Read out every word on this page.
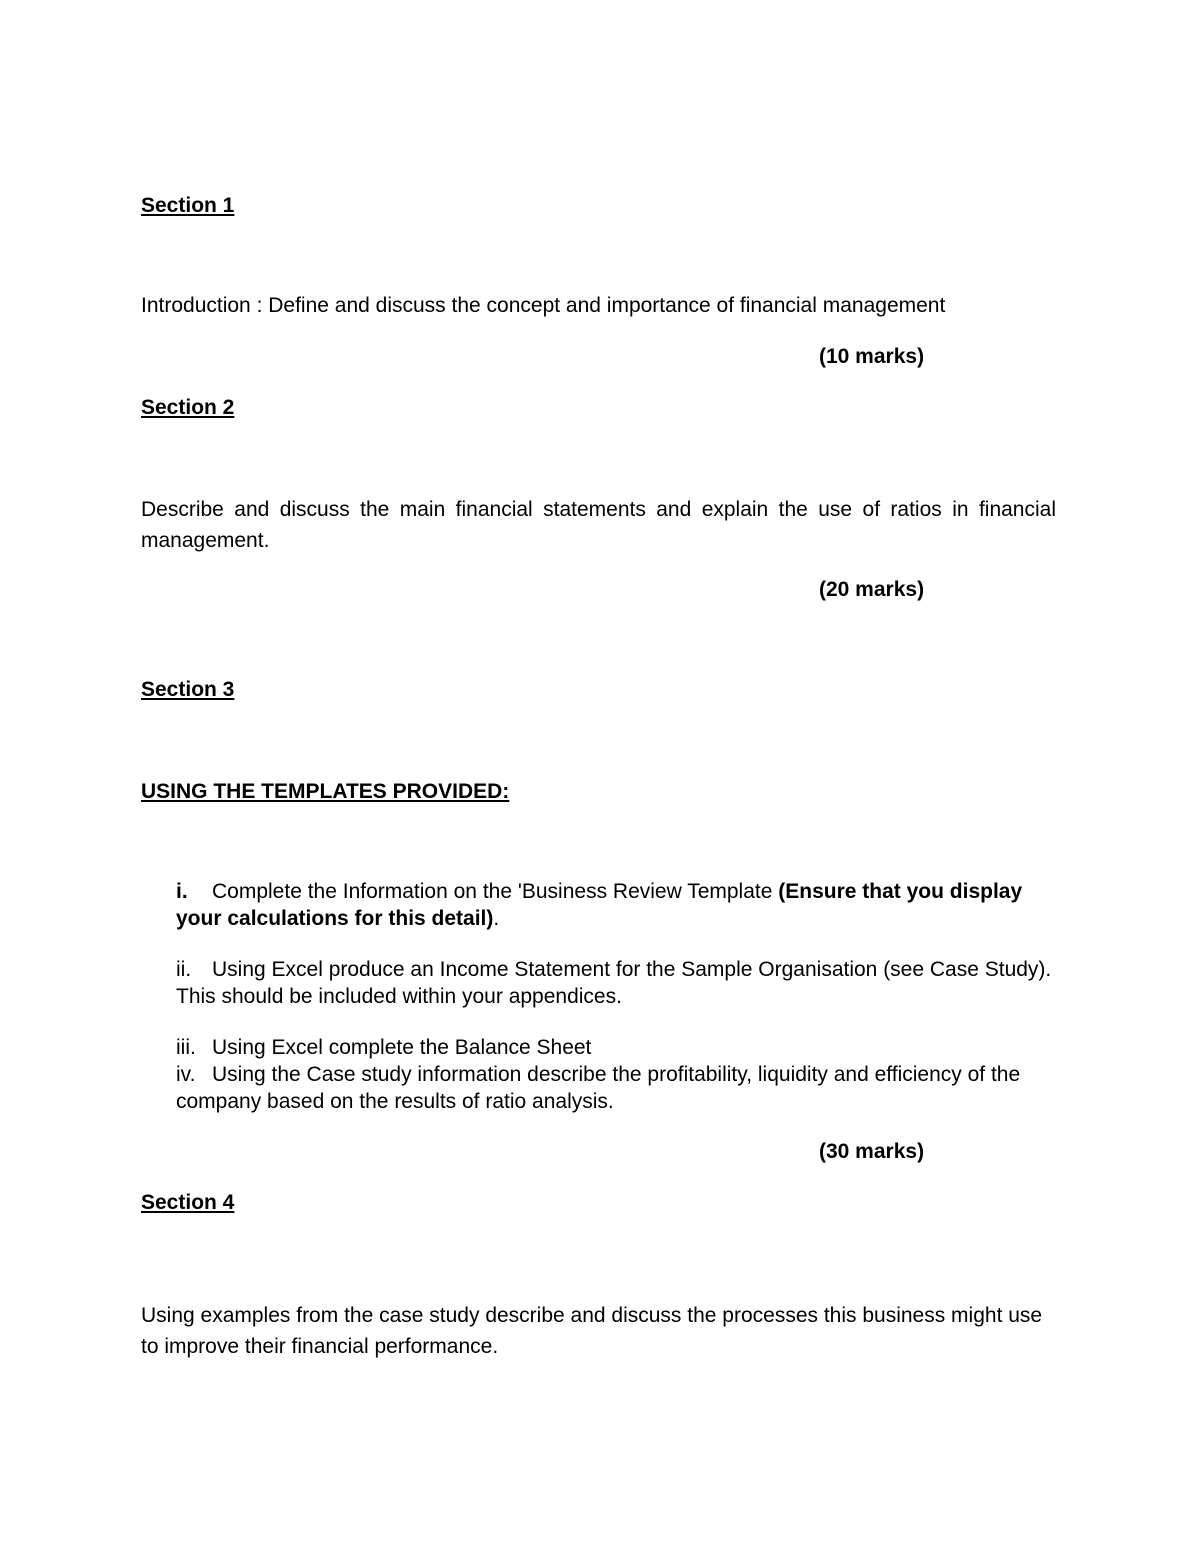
Section 1

Introduction : Define and discuss the concept and importance of financial management

(10 marks)

Section 2

Describe and discuss the main financial statements and explain the use of ratios in financial management.

(20 marks)

Section 3

USING THE TEMPLATES PROVIDED:

i. Complete the Information on the 'Business Review Template (Ensure that you display your calculations for this detail).

ii. Using Excel produce an Income Statement for the Sample Organisation (see Case Study). This should be included within your appendices.

iii. Using Excel complete the Balance Sheet

iv. Using the Case study information describe the profitability, liquidity and efficiency of the company based on the results of ratio analysis.

(30 marks)

Section 4

Using examples from the case study describe and discuss the processes this business might use to improve their financial performance.
